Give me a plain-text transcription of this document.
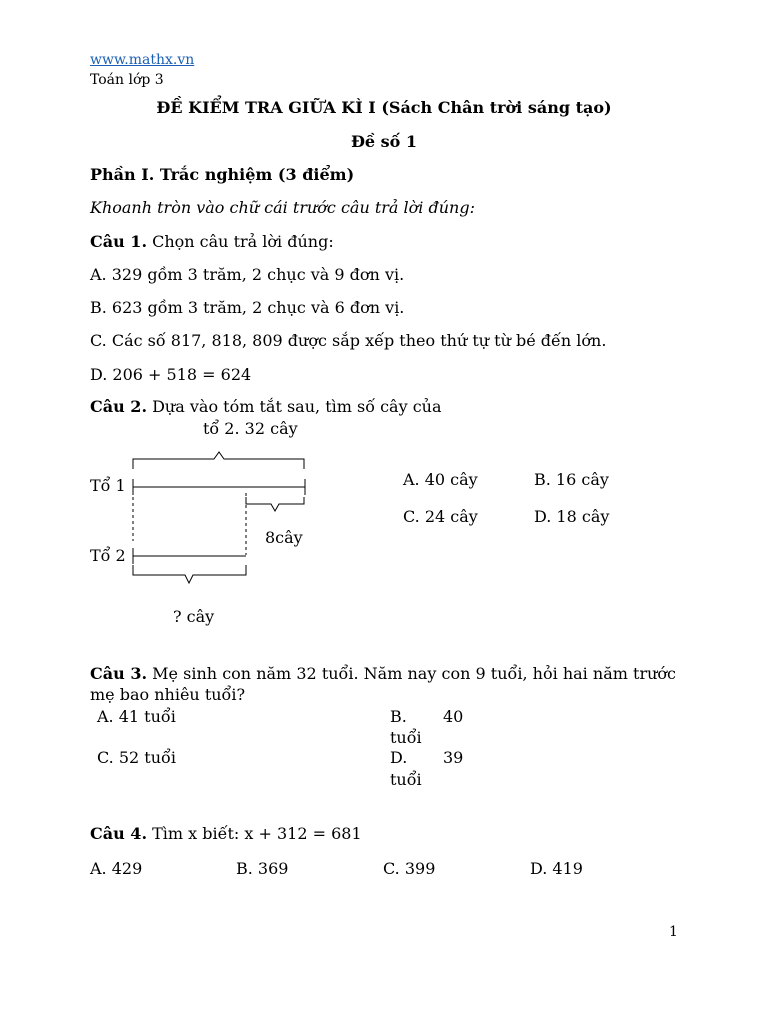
www.mathx.vn
Toán lớp 3
ĐỀ KIỂM TRA GIỮA KÌ I (Sách Chân trời sáng tạo)
Đề số 1
Phần I. Trắc nghiệm (3 điểm)
Khoanh tròn vào chữ cái trước câu trả lời đúng:
Câu 1. Chọn câu trả lời đúng:
A. 329 gồm 3 trăm, 2 chục và 9 đơn vị.
B. 623 gồm 3 trăm, 2 chục và 6 đơn vị.
C. Các số 817, 818, 809 được sắp xếp theo thứ tự từ bé đến lớn.
D. 206 + 518 = 624
Câu 2. Dựa vào tóm tắt sau, tìm số cây của
tổ 2. 32 cây
Tổ 1
8cây
Tổ 2
? cây
A. 40 cây	B. 16 cây
C. 24 cây	D. 18 cây
Câu 3. Mẹ sinh con năm 32 tuổi. Năm nay con 9 tuổi, hỏi hai năm trước mẹ bao nhiêu tuổi?
A. 41 tuổi	B. 40
tuổi
C. 52 tuổi	D. 39
tuổi
Câu 4. Tìm x biết: x + 312 = 681
A. 429	B. 369	C. 399	D. 419
1
